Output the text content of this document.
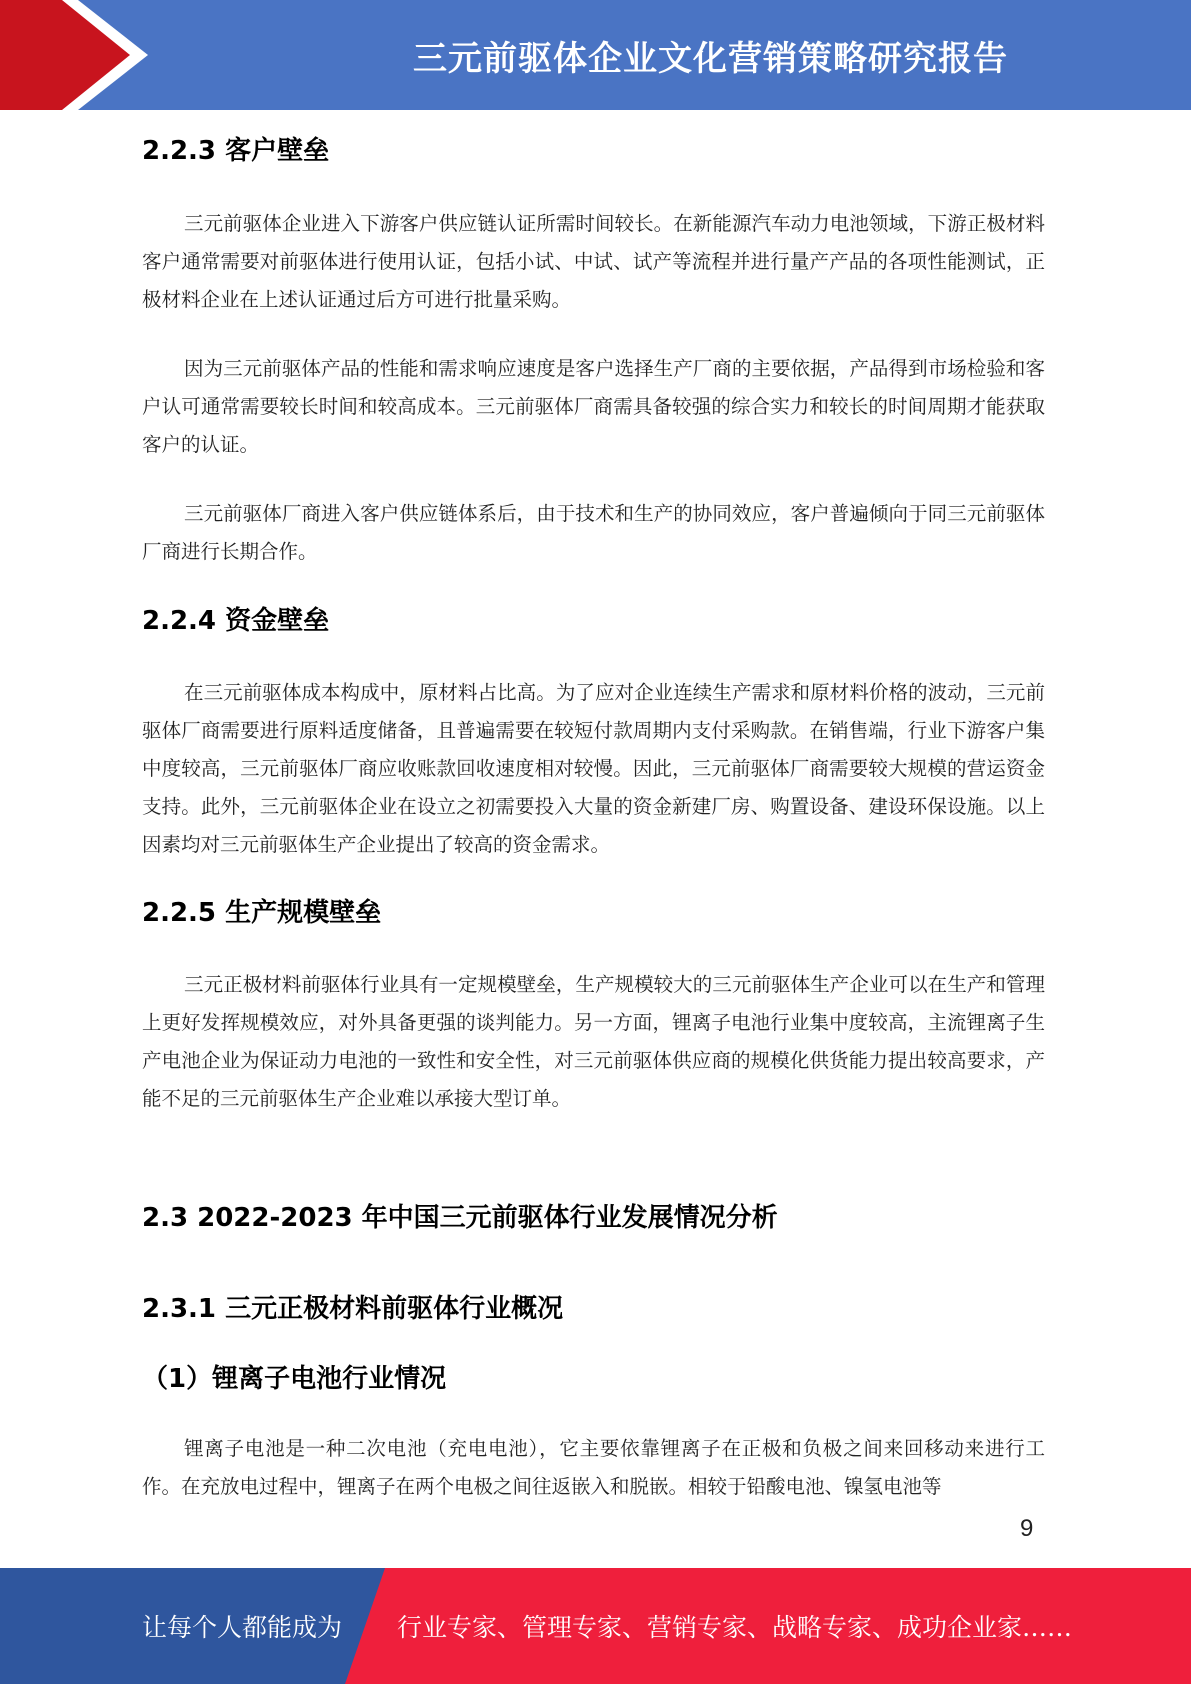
三元前驱体企业文化营销策略研究报告
2.2.3 客户壁垒
三元前驱体企业进入下游客户供应链认证所需时间较长。在新能源汽车动力电池领域，下游正极材料客户通常需要对前驱体进行使用认证，包括小试、中试、试产等流程并进行量产产品的各项性能测试，正极材料企业在上述认证通过后方可进行批量采购。
因为三元前驱体产品的性能和需求响应速度是客户选择生产厂商的主要依据，产品得到市场检验和客户认可通常需要较长时间和较高成本。三元前驱体厂商需具备较强的综合实力和较长的时间周期才能获取客户的认证。
三元前驱体厂商进入客户供应链体系后，由于技术和生产的协同效应，客户普遍倾向于同三元前驱体厂商进行长期合作。
2.2.4 资金壁垒
在三元前驱体成本构成中，原材料占比高。为了应对企业连续生产需求和原材料价格的波动，三元前驱体厂商需要进行原料适度储备，且普遍需要在较短付款周期内支付采购款。在销售端，行业下游客户集中度较高，三元前驱体厂商应收账款回收速度相对较慢。因此，三元前驱体厂商需要较大规模的营运资金支持。此外，三元前驱体企业在设立之初需要投入大量的资金新建厂房、购置设备、建设环保设施。以上因素均对三元前驱体生产企业提出了较高的资金需求。
2.2.5 生产规模壁垒
三元正极材料前驱体行业具有一定规模壁垒，生产规模较大的三元前驱体生产企业可以在生产和管理上更好发挥规模效应，对外具备更强的谈判能力。另一方面，锂离子电池行业集中度较高，主流锂离子生产电池企业为保证动力电池的一致性和安全性，对三元前驱体供应商的规模化供货能力提出较高要求，产能不足的三元前驱体生产企业难以承接大型订单。
2.3 2022-2023 年中国三元前驱体行业发展情况分析
2.3.1 三元正极材料前驱体行业概况
（1）锂离子电池行业情况
锂离子电池是一种二次电池（充电电池），它主要依靠锂离子在正极和负极之间来回移动来进行工作。在充放电过程中，锂离子在两个电极之间往返嵌入和脱嵌。相较于铅酸电池、镍氢电池等
9
让每个人都能成为 行业专家、管理专家、营销专家、战略专家、成功企业家……
